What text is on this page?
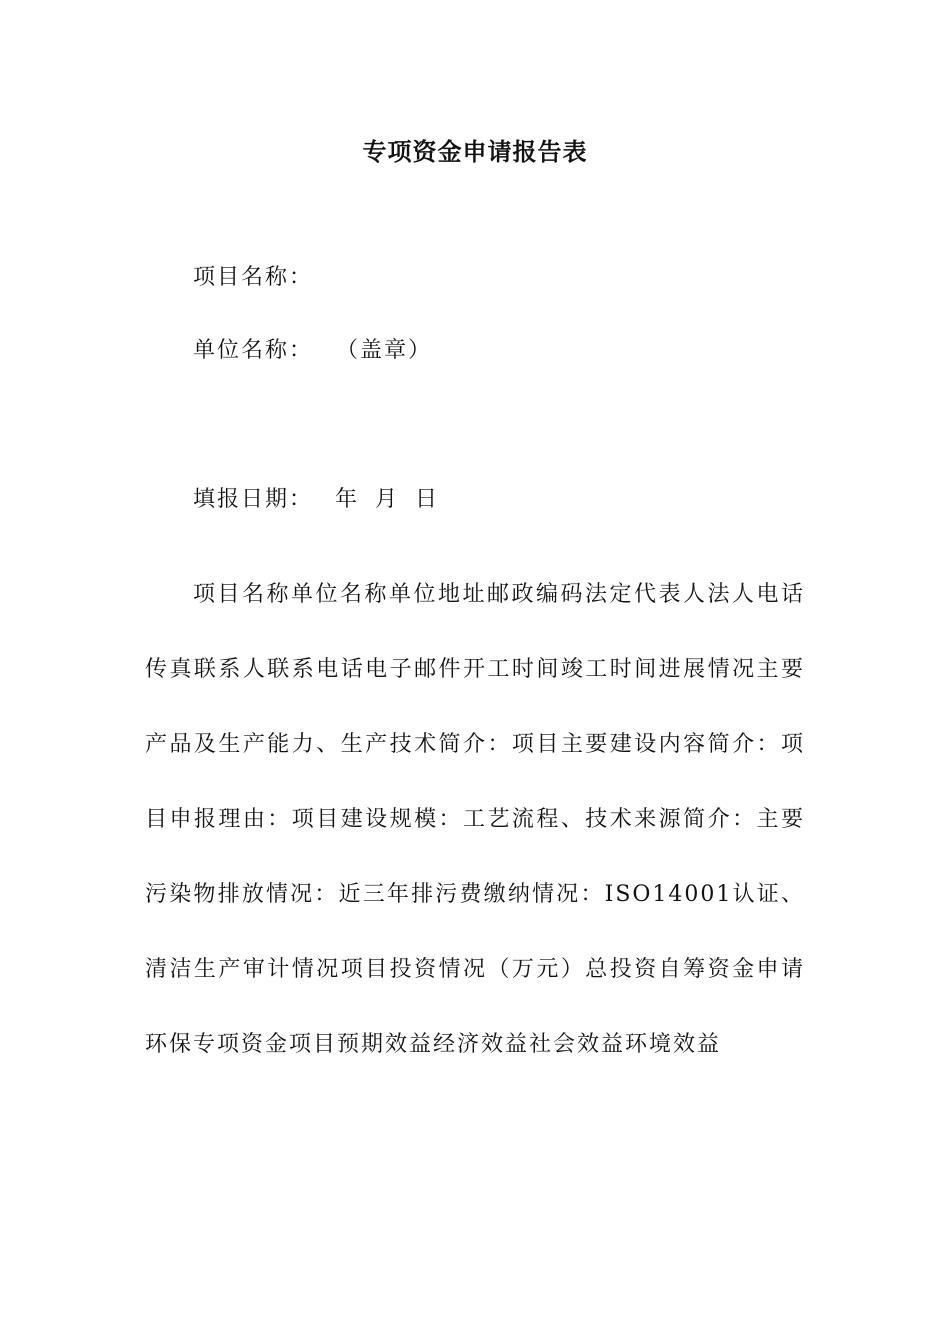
专项资金申请报告表
项目名称：
单位名称： （盖章）
填报日期： 年 月 日

项目名称单位名称单位地址邮政编码法定代表人法人电话传真联系人联系电话电子邮件开工时间竣工时间进展情况主要产品及生产能力、生产技术简介：项目主要建设内容简介：项目申报理由：项目建设规模：工艺流程、技术来源简介：主要污染物排放情况：近三年排污费缴纳情况：ISO14001认证、清洁生产审计情况项目投资情况（万元）总投资自筹资金申请环保专项资金项目预期效益经济效益社会效益环境效益
